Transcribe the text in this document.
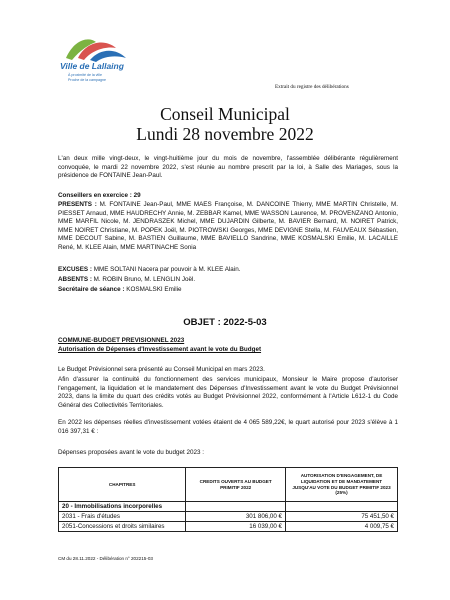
Ville de Lallaing
À proximité de la ville
Proche de la campagne
Extrait du registre des délibérations
Conseil Municipal
Lundi 28 novembre 2022
L'an deux mille vingt-deux, le vingt-huitième jour du mois de novembre, l'assemblée délibérante régulièrement convoquée, le mardi 22 novembre 2022, s'est réunie au nombre prescrit par la loi, à Salle des Mariages, sous la présidence de FONTAINE Jean-Paul.
Conseillers en exercice : 29
PRESENTS : M. FONTAINE Jean-Paul, MME MAES Françoise, M. DANCOINE Thierry, MME MARTIN Christelle, M. PIESSET Arnaud, MME HAUDRECHY Annie, M. ZEBBAR Kamel, MME WASSON Laurence, M. PROVENZANO Antonio, MME MARFIL Nicole, M. JENDRASZEK Michel, MME DUJARDIN Gilberte, M. BAVIER Bernard, M. NOIRET Patrick, MME NOIRET Christiane, M. POPEK Joël, M. PIOTROWSKI Georges, MME DEVIGNE Stella, M. FAUVEAUX Sébastien, MME DECOUT Sabine, M. BASTIEN Guillaume, MME BAVIELLO Sandrine, MME KOSMALSKI Emilie, M. LACAILLE René, M. KLEE Alain, MME MARTINACHE Sonia
EXCUSES : MME SOLTANI Nacera par pouvoir à M. KLEE Alain.
ABSENTS : M. ROBIN Bruno, M. LENGLIN Joël.
Secrétaire de séance : KOSMALSKI Emilie
OBJET : 2022-5-03
COMMUNE-BUDGET PREVISIONNEL 2023
Autorisation de Dépenses d'Investissement avant le vote du Budget
Le Budget Prévisionnel sera présenté au Conseil Municipal en mars 2023.
Afin d'assurer la continuité du fonctionnement des services municipaux, Monsieur le Maire propose d'autoriser l'engagement, la liquidation et le mandatement des Dépenses d'Investissement avant le vote du Budget Prévisionnel 2023, dans la limite du quart des crédits votés au Budget Prévisionnel 2022, conformément à l'Article L612-1 du Code Général des Collectivités Territoriales.
En 2022 les dépenses réelles d'investissement votées étaient de 4 065 589,22€, le quart autorisé pour 2023 s'élève à 1 016 397,31 € :
Dépenses proposées avant le vote du budget 2023 :
CHAPITRES	CREDITS OUVERTS AU BUDGET PRIMITIF 2022	AUTORISATION D'ENGAGEMENT, DE LIQUIDATION ET DE MANDATEMENT JUSQU'AU VOTE DU BUDGET PRIMITIF 2023 (25%)
20 - Immobilisations incorporelles		
2031 - Frais d'études	301 806,00 €	75 451,50 €
2051-Concessions et droits similaires	16 039,00 €	4 009,75 €
CM du 28.11.2022 - Délibération n° 202215-03
